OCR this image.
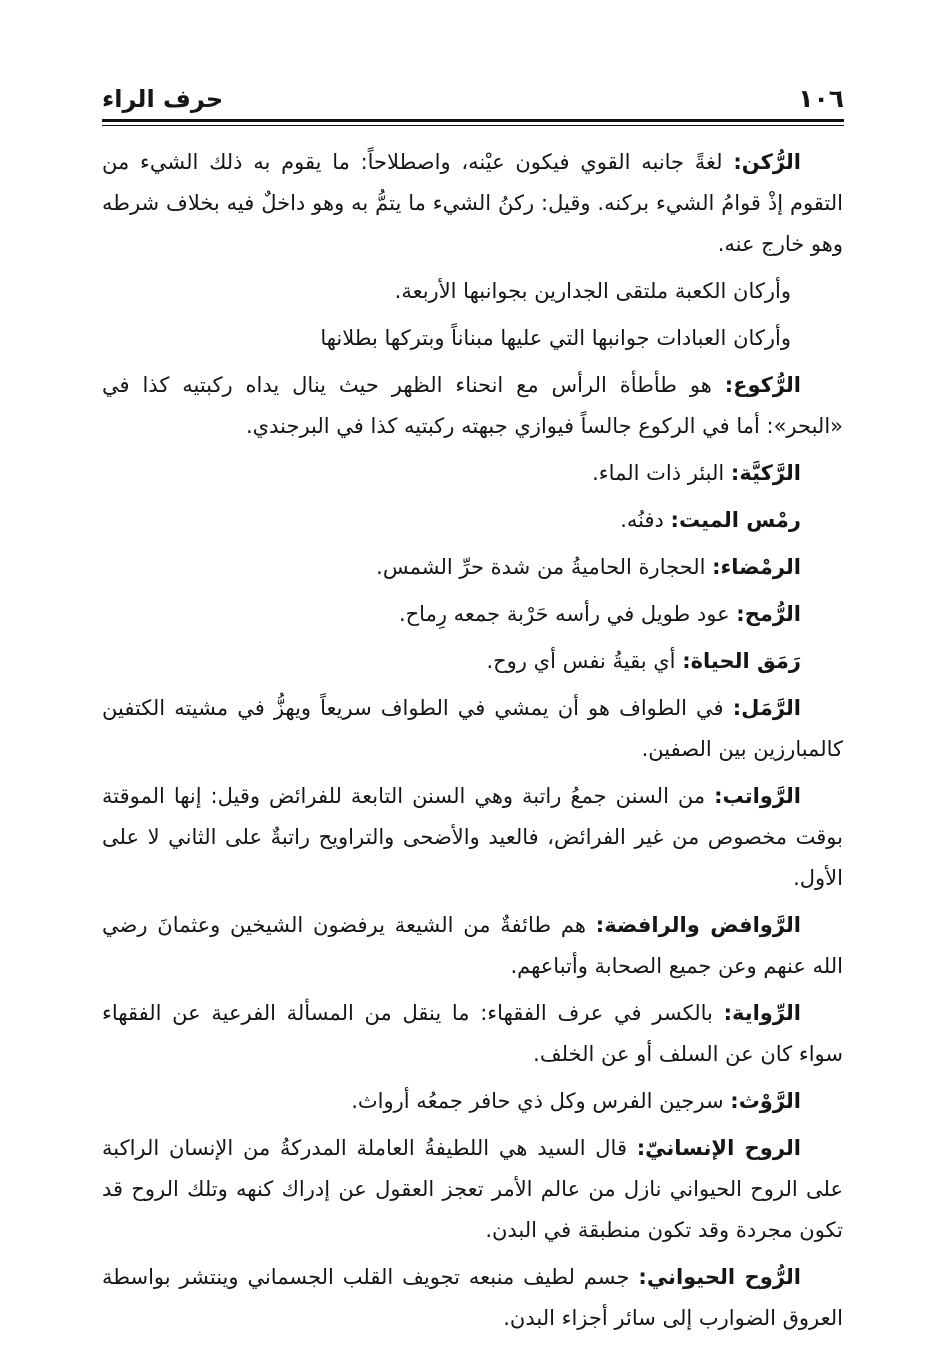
١٠٦
حرف الراء

الرُّكن: لغةً جانبه القوي فيكون عيْنه، واصطلاحاً: ما يقوم به ذلك الشيء من التقوم إذْ قوامُ الشيء بركنه. وقيل: ركنُ الشيء ما يتمُّ به وهو داخلٌ فيه بخلاف شرطه وهو خارج عنه.

وأركان الكعبة ملتقى الجدارين بجوانبها الأربعة.

وأركان العبادات جوانبها التي عليها مبناناً وبتركها بطلانها

الرُّكوع: هو طأطأة الرأس مع انحناء الظهر حيث ينال يداه ركبتيه كذا في «البحر»: أما في الركوع جالساً فيوازي جبهته ركبتيه كذا في البرجندي.

الرَّكيَّة: البئر ذات الماء.

رمْس الميت: دفنُه.

الرمْضاء: الحجارة الحاميةُ من شدة حرِّ الشمس.

الرُّمح: عود طويل في رأسه حَرْبة جمعه رِماح.

رَمَق الحياة: أي بقيةُ نفس أي روح.

الرَّمَل: في الطواف هو أن يمشي في الطواف سريعاً ويهزُّ في مشيته الكتفين كالمبارزين بين الصفين.

الرَّواتب: من السنن جمعُ راتبة وهي السنن التابعة للفرائض وقيل: إنها الموقتة بوقت مخصوص من غير الفرائض، فالعيد والأضحى والتراويح راتبةٌ على الثاني لا على الأول.

الرَّوافض والرافضة: هم طائفةٌ من الشيعة يرفضون الشيخين وعثمانَ رضي الله عنهم وعن جميع الصحابة وأتباعهم.

الرِّواية: بالكسر في عرف الفقهاء: ما ينقل من المسألة الفرعية عن الفقهاء سواء كان عن السلف أو عن الخلف.

الرَّوْث: سرجين الفرس وكل ذي حافر جمعُه أرواث.

الروح الإنسانيّ: قال السيد هي اللطيفةُ العاملة المدركةُ من الإنسان الراكبة على الروح الحيواني نازل من عالم الأمر تعجز العقول عن إدراك كنهه وتلك الروح قد تكون مجردة وقد تكون منطبقة في البدن.

الرُّوح الحيواني: جسم لطيف منبعه تجويف القلب الجسماني وينتشر بواسطة العروق الضوارب إلى سائر أجزاء البدن.
